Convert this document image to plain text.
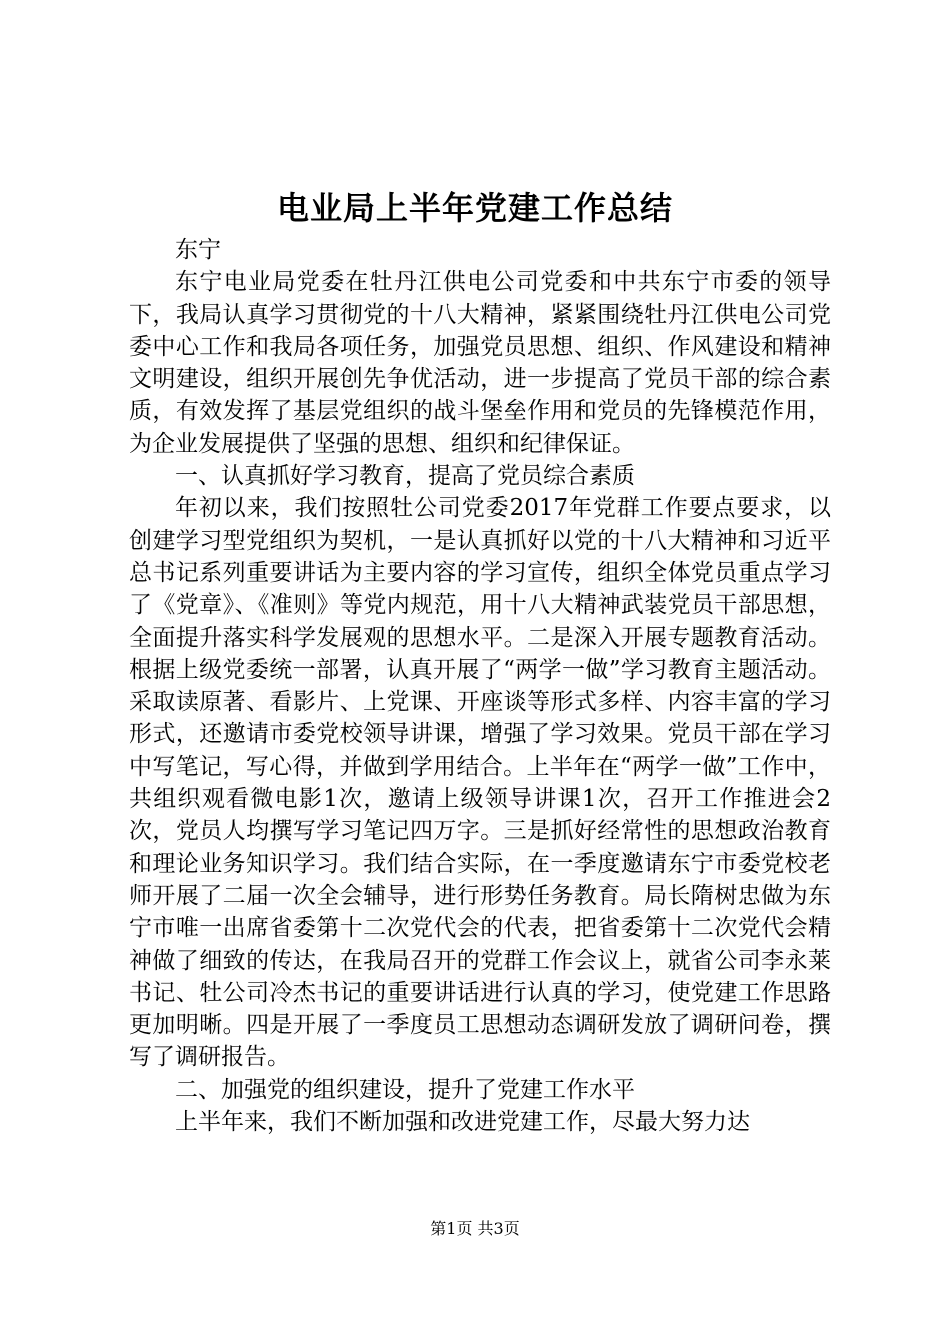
电业局上半年党建工作总结

东宁

东宁电业局党委在牡丹江供电公司党委和中共东宁市委的领导下，我局认真学习贯彻党的十八大精神，紧紧围绕牡丹江供电公司党委中心工作和我局各项任务，加强党员思想、组织、作风建设和精神文明建设，组织开展创先争优活动，进一步提高了党员干部的综合素质，有效发挥了基层党组织的战斗堡垒作用和党员的先锋模范作用，为企业发展提供了坚强的思想、组织和纪律保证。

一、认真抓好学习教育，提高了党员综合素质

年初以来，我们按照牡公司党委2017年党群工作要点要求，以创建学习型党组织为契机，一是认真抓好以党的十八大精神和习近平总书记系列重要讲话为主要内容的学习宣传，组织全体党员重点学习了《党章》、《准则》等党内规范，用十八大精神武装党员干部思想，全面提升落实科学发展观的思想水平。二是深入开展专题教育活动。根据上级党委统一部署，认真开展了“两学一做”学习教育主题活动。采取读原著、看影片、上党课、开座谈等形式多样、内容丰富的学习形式，还邀请市委党校领导讲课，增强了学习效果。党员干部在学习中写笔记，写心得，并做到学用结合。上半年在“两学一做”工作中，共组织观看微电影1次，邀请上级领导讲课1次，召开工作推进会2次，党员人均撰写学习笔记四万字。三是抓好经常性的思想政治教育和理论业务知识学习。我们结合实际，在一季度邀请东宁市委党校老师开展了二届一次全会辅导，进行形势任务教育。局长隋树忠做为东宁市唯一出席省委第十二次党代会的代表，把省委第十二次党代会精神做了细致的传达，在我局召开的党群工作会议上，就省公司李永莱书记、牡公司冷杰书记的重要讲话进行认真的学习，使党建工作思路更加明晰。四是开展了一季度员工思想动态调研发放了调研问卷，撰写了调研报告。

二、加强党的组织建设，提升了党建工作水平

上半年来，我们不断加强和改进党建工作，尽最大努力达

第1页 共3页
